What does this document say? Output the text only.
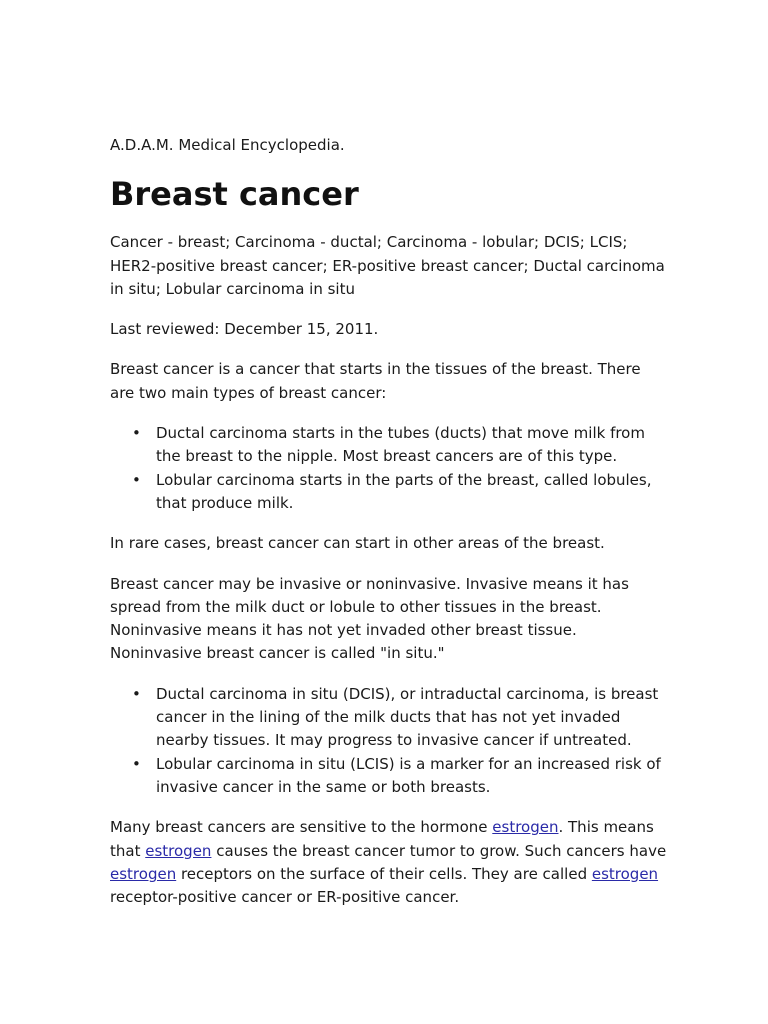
A.D.A.M. Medical Encyclopedia.
Breast cancer

Cancer - breast; Carcinoma - ductal; Carcinoma - lobular; DCIS; LCIS; HER2-positive breast cancer; ER-positive breast cancer; Ductal carcinoma in situ; Lobular carcinoma in situ

Last reviewed: December 15, 2011.

Breast cancer is a cancer that starts in the tissues of the breast. There are two main types of breast cancer:

• Ductal carcinoma starts in the tubes (ducts) that move milk from the breast to the nipple. Most breast cancers are of this type.
• Lobular carcinoma starts in the parts of the breast, called lobules, that produce milk.

In rare cases, breast cancer can start in other areas of the breast.

Breast cancer may be invasive or noninvasive. Invasive means it has spread from the milk duct or lobule to other tissues in the breast. Noninvasive means it has not yet invaded other breast tissue. Noninvasive breast cancer is called "in situ."

• Ductal carcinoma in situ (DCIS), or intraductal carcinoma, is breast cancer in the lining of the milk ducts that has not yet invaded nearby tissues. It may progress to invasive cancer if untreated.
• Lobular carcinoma in situ (LCIS) is a marker for an increased risk of invasive cancer in the same or both breasts.

Many breast cancers are sensitive to the hormone estrogen. This means that estrogen causes the breast cancer tumor to grow. Such cancers have estrogen receptors on the surface of their cells. They are called estrogen receptor-positive cancer or ER-positive cancer.
